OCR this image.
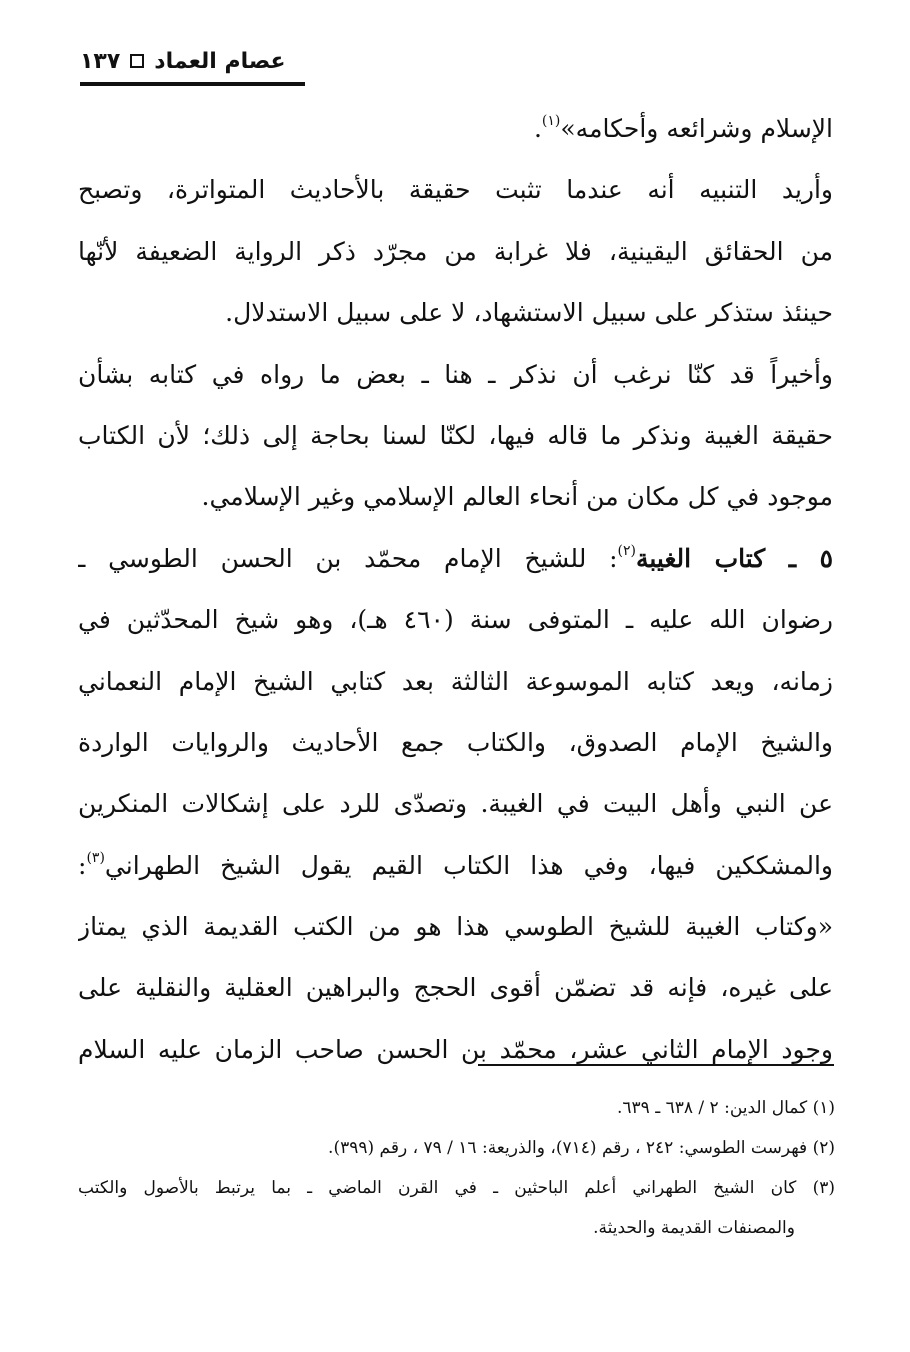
١٣٧ عصام العماد
الإسلام وشرائعه وأحكامه»$^{(١)}$.
وأريد التنبيه أنه عندما تثبت حقيقة بالأحاديث المتواترة، وتصبح
من الحقائق اليقينية، فلا غرابة من مجرّد ذكر الرواية الضعيفة لأنّها
حينئذ ستذكر على سبيل الاستشهاد، لا على سبيل الاستدلال.
وأخيراً قد كنّا نرغب أن نذكر ـ هنا ـ بعض ما رواه في كتابه بشأن
حقيقة الغيبة ونذكر ما قاله فيها، لكنّا لسنا بحاجة إلى ذلك؛ لأن الكتاب
موجود في كل مكان من أنحاء العالم الإسلامي وغير الإسلامي.
٥ ـ كتاب الغيبة$^{(٢)}$: للشيخ الإمام محمّد بن الحسن الطوسي ـ
رضوان الله عليه ـ المتوفى سنة (٤٦٠ هـ)، وهو شيخ المحدّثين في
زمانه، ويعد كتابه الموسوعة الثالثة بعد كتابي الشيخ الإمام النعماني
والشيخ الإمام الصدوق، والكتاب جمع الأحاديث والروايات الواردة
عن النبي وأهل البيت في الغيبة. وتصدّى للرد على إشكالات المنكرين
والمشككين فيها، وفي هذا الكتاب القيم يقول الشيخ الطهراني$^{(٣)}$:
«وكتاب الغيبة للشيخ الطوسي هذا هو من الكتب القديمة الذي يمتاز
على غيره، فإنه قد تضمّن أقوى الحجج والبراهين العقلية والنقلية على
وجود الإمام الثاني عشر، محمّد بن الحسن صاحب الزمان عليه السلام
(١) كمال الدين: ٢ / ٦٣٨ ـ ٦٣٩.
(٢) فهرست الطوسي: ٢٤٢ ، رقم (٧١٤)، والذريعة: ١٦ / ٧٩ ، رقم (٣٩٩).
(٣) كان الشيخ الطهراني أعلم الباحثين ـ في القرن الماضي ـ بما يرتبط بالأصول والكتب
والمصنفات القديمة والحديثة.
